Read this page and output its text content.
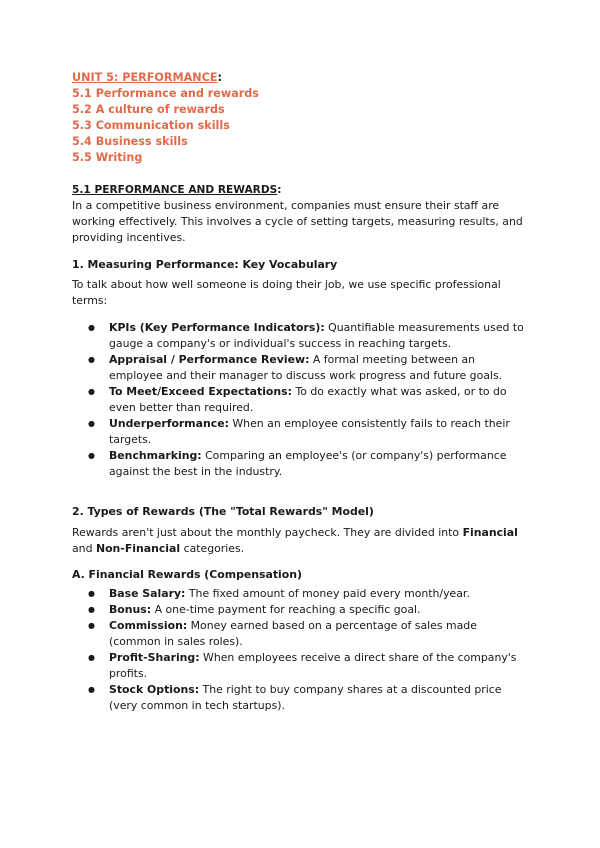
UNIT 5: PERFORMANCE:
5.1 Performance and rewards
5.2 A culture of rewards
5.3 Communication skills
5.4 Business skills
5.5 Writing
5.1 PERFORMANCE AND REWARDS:

In a competitive business environment, companies must ensure their staff are working effectively. This involves a cycle of setting targets, measuring results, and providing incentives.

1. Measuring Performance: Key Vocabulary

To talk about how well someone is doing their job, we use specific professional terms:

● KPIs (Key Performance Indicators): Quantifiable measurements used to gauge a company's or individual's success in reaching targets.
● Appraisal / Performance Review: A formal meeting between an employee and their manager to discuss work progress and future goals.
● To Meet/Exceed Expectations: To do exactly what was asked, or to do even better than required.
● Underperformance: When an employee consistently fails to reach their targets.
● Benchmarking: Comparing an employee's (or company's) performance against the best in the industry.
2. Types of Rewards (The "Total Rewards" Model)

Rewards aren't just about the monthly paycheck. They are divided into Financial and Non-Financial categories.

A. Financial Rewards (Compensation)
● Base Salary: The fixed amount of money paid every month/year.
● Bonus: A one-time payment for reaching a specific goal.
● Commission: Money earned based on a percentage of sales made (common in sales roles).
● Profit-Sharing: When employees receive a direct share of the company's profits.
● Stock Options: The right to buy company shares at a discounted price (very common in tech startups).
